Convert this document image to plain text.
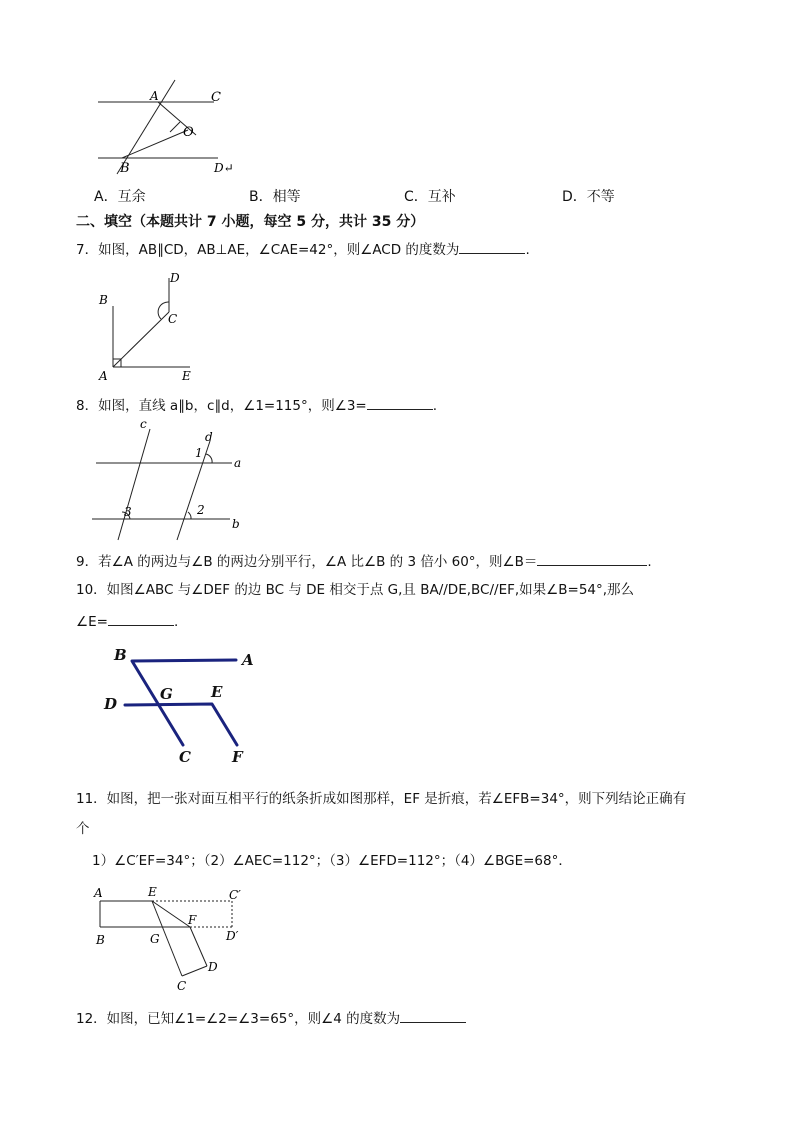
A	C
O
B	D↵
A．互余	B．相等	C．互补	D．不等
二、填空（本题共计 7 小题，每空 5 分，共计 35 分）
7．如图，AB∥CD，AB⊥AE，∠CAE=42°，则∠ACD 的度数为	.
B
D
C
A	E
8．如图，直线 a∥b，c∥d，∠1=115°，则∠3=	.
c
d
1
a
3	2
b
9．若∠A 的两边与∠B 的两边分别平行，∠A 比∠B 的 3 倍小 60°，则∠B＝	.
10．如图∠ABC 与∠DEF 的边 BC 与 DE 相交于点 G,且 BA//DE,BC//EF,如果∠B=54°,那么
∠E=	.
B	A
D
G	E
C	F
11．如图，把一张对面互相平行的纸条折成如图那样，EF 是折痕，若∠EFB=34°，则下列结论正确有
个
1）∠C′EF=34°；（2）∠AEC=112°；（3）∠EFD=112°；（4）∠BGE=68°．
A	E	C′
F
B	G	D′
D
C
12．如图，已知∠1=∠2=∠3=65°，则∠4 的度数为
